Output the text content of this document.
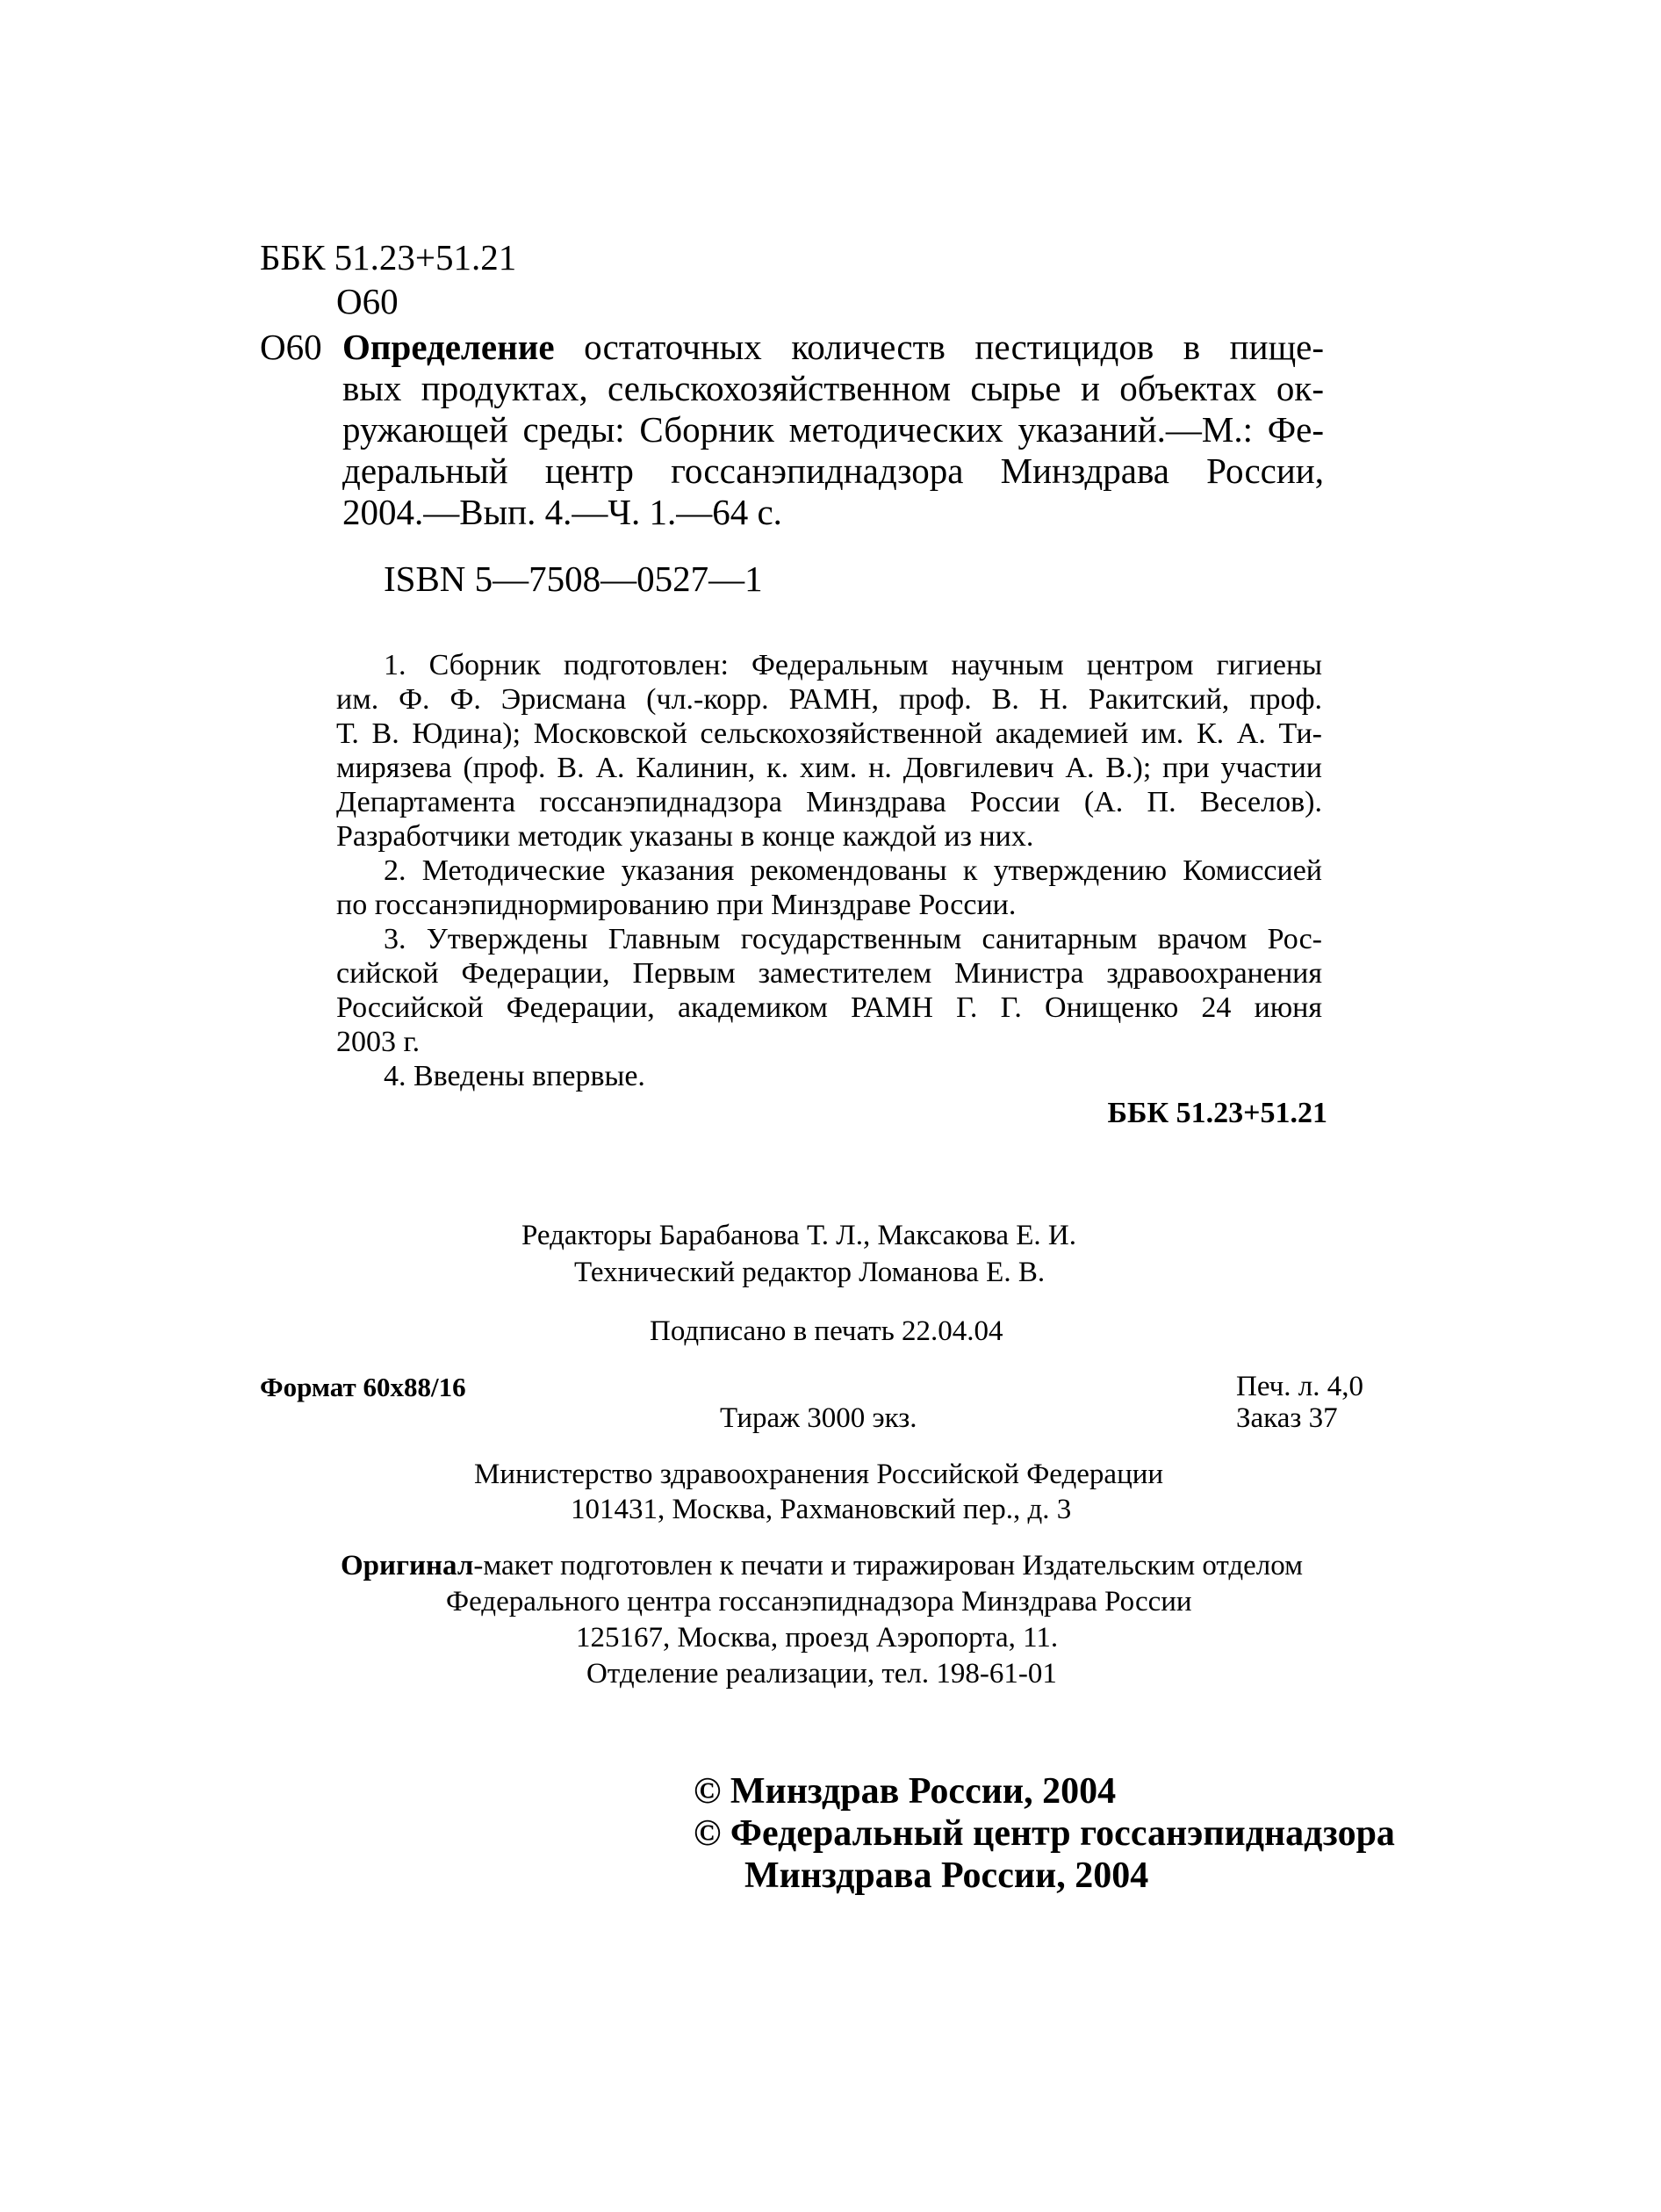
ББК 51.23+51.21
О60
О60 Определение остаточных количеств пестицидов в пище-
вых продуктах, сельскохозяйственном сырье и объектах ок-
ружающей среды: Сборник методических указаний.—М.: Фе-
деральный центр госсанэпиднадзора Минздрава России,
2004.—Вып. 4.—Ч. 1.—64 с.
ISBN 5—7508—0527—1
1. Сборник подготовлен: Федеральным научным центром гигиены
им. Ф. Ф. Эрисмана (чл.-корр. РАМН, проф. В. Н. Ракитский, проф.
Т. В. Юдина); Московской сельскохозяйственной академией им. К. А. Ти-
мирязева (проф. В. А. Калинин, к. хим. н. Довгилевич А. В.); при участии
Департамента госсанэпиднадзора Минздрава России (А. П. Веселов).
Разработчики методик указаны в конце каждой из них.
2. Методические указания рекомендованы к утверждению Комиссией
по госсанэпиднормированию при Минздраве России.
3. Утверждены Главным государственным санитарным врачом Рос-
сийской Федерации, Первым заместителем Министра здравоохранения
Российской Федерации, академиком РАМН Г. Г. Онищенко 24 июня
2003 г.
4. Введены впервые.
ББК 51.23+51.21
Редакторы Барабанова Т. Л., Максакова Е. И.
Технический редактор Ломанова Е. В.
Подписано в печать 22.04.04
Формат 60x88/16	Печ. л. 4,0
Тираж 3000 экз.	Заказ 37
Министерство здравоохранения Российской Федерации
101431, Москва, Рахмановский пер., д. 3
Оригинал-макет подготовлен к печати и тиражирован Издательским отделом
Федерального центра госсанэпиднадзора Минздрава России
125167, Москва, проезд Аэропорта, 11.
Отделение реализации, тел. 198-61-01
© Минздрав России, 2004
© Федеральный центр госсанэпиднадзора
Минздрава России, 2004
